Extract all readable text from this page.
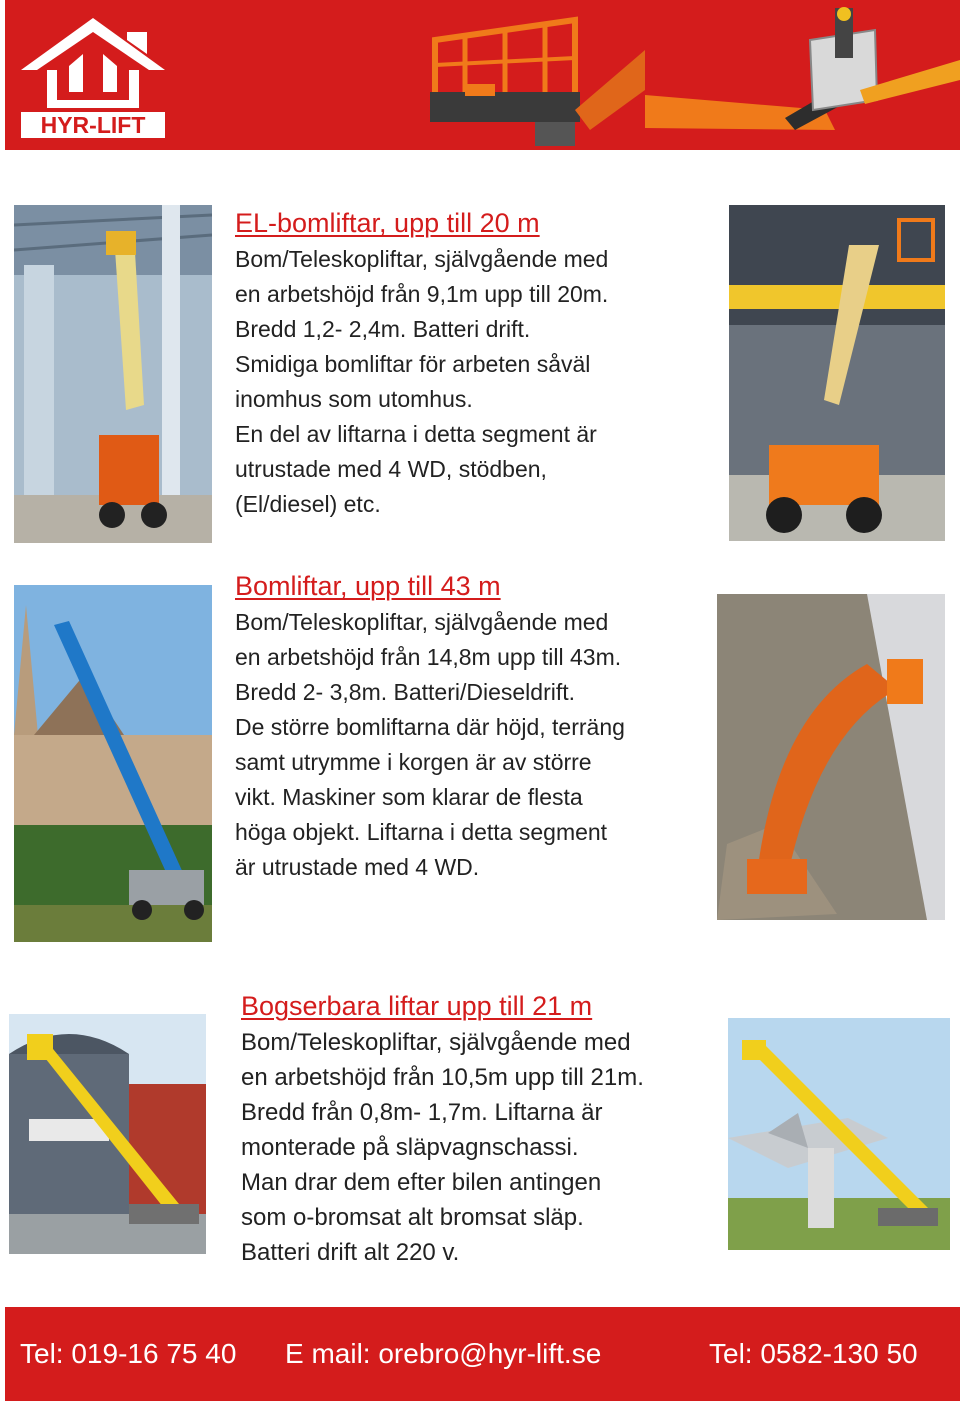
HYR-LIFT
EL-bomliftar, upp till 20 m

Bom/Teleskopliftar, självgående med
en arbetshöjd från 9,1m upp till 20m.
Bredd 1,2- 2,4m. Batteri drift.
Smidiga bomliftar för arbeten såväl
inomhus som utomhus.
En del av liftarna i detta segment är
utrustade med 4 WD, stödben,
(El/diesel) etc.

Bomliftar, upp till 43 m

Bom/Teleskopliftar, självgående med
en arbetshöjd från 14,8m upp till 43m.
Bredd 2- 3,8m. Batteri/Dieseldrift.
De större bomliftarna där höjd, terräng
samt utrymme i korgen är av större
vikt. Maskiner som klarar de flesta
höga objekt. Liftarna i detta segment
är utrustade med 4 WD.

Bogserbara liftar upp till 21 m

Bom/Teleskopliftar, självgående med
en arbetshöjd från 10,5m upp till 21m.
Bredd från 0,8m- 1,7m. Liftarna är
monterade på släpvagnschassi.
Man drar dem efter bilen antingen
som o-bromsat alt bromsat släp.
Batteri drift alt 220 v.

Tel: 019-16 75 40 E mail: orebro@hyr-lift.se	Tel: 0582-130 50
